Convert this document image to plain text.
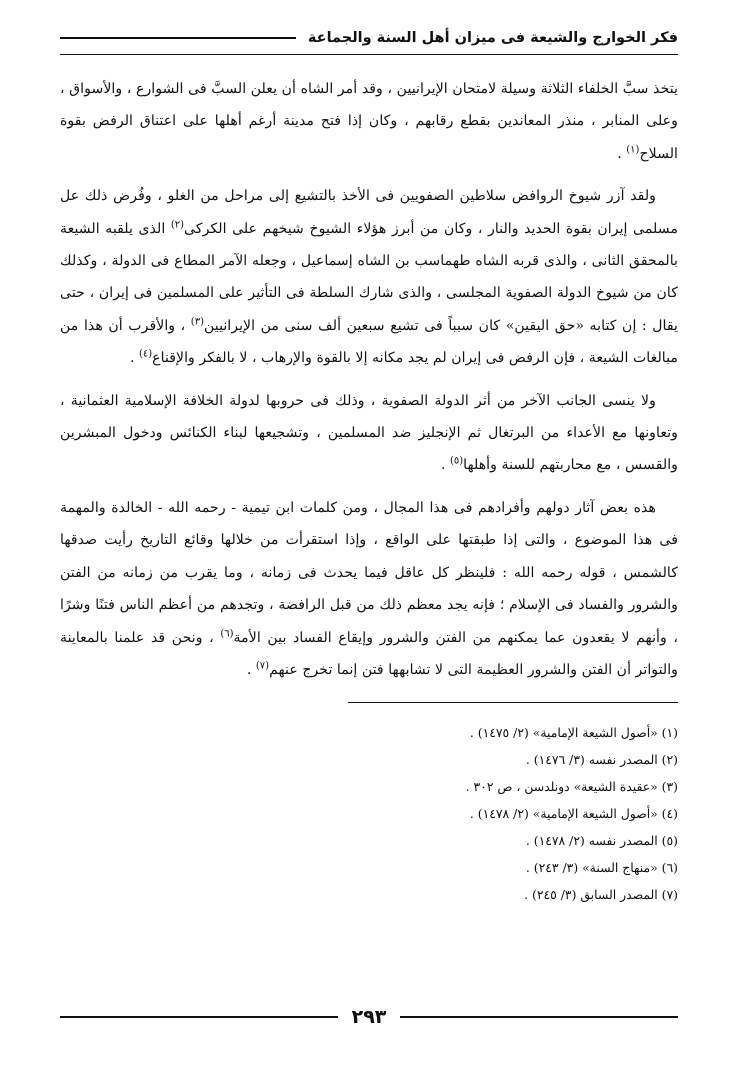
فكر الخوارج والشيعة فى ميزان أهل السنة والجماعة

يتخذ سبَّ الخلفاء الثلاثة وسيلة لامتحان الإيرانيين ، وقد أمر الشاه أن يعلن السبَّ فى الشوارع ، والأسواق ، وعلى المنابر ، منذر المعاندين بقطع رقابهم ، وكان إذا فتح مدينة أرغم أهلها على اعتناق الرفض بقوة السلاح$^{(١)}$ .

ولقد آزر شيوخ الروافض سلاطين الصفويين فى الأخذ بالتشيع إلى مراحل من الغلو ، وفُرض ذلك عل مسلمى إيران بقوة الحديد والنار ، وكان من أبرز هؤلاء الشيوخ شيخهم على الكركى$^{(٢)}$ الذى يلقبه الشيعة بالمحقق الثانى ، والذى قربه الشاه طهماسب بن الشاه إسماعيل ، وجعله الآمر المطاع فى الدولة ، وكذلك كان من شيوخ الدولة الصفوية المجلسى ، والذى شارك السلطة فى التأثير على المسلمين فى إيران ، حتى يقال : إن كتابه «حق اليقين» كان سبباً فى تشيع سبعين ألف سنى من الإيرانيين$^{(٣)}$ ، والأقرب أن هذا من مبالغات الشيعة ، فإن الرفض فى إيران لم يجد مكانه إلا بالقوة والإرهاب ، لا بالفكر والإقناع$^{(٤)}$ .

ولا ينسى الجانب الآخر من أثر الدولة الصفوية ، وذلك فى حروبها لدولة الخلافة الإسلامية العثمانية ، وتعاونها مع الأعداء من البرتغال ثم الإنجليز ضد المسلمين ، وتشجيعها لبناء الكنائس ودخول المبشرين والقسس ، مع محاربتهم للسنة وأهلها$^{(٥)}$ .

هذه بعض آثار دولهم وأفرادهم فى هذا المجال ، ومن كلمات ابن تيمية - رحمه الله - الخالدة والمهمة فى هذا الموضوع ، والتى إذا طبقتها على الواقع ، وإذا استقرأت من خلالها وقائع التاريخ رأيت صدقها كالشمس ، قوله رحمه الله : فلينظر كل عاقل فيما يحدث فى زمانه ، وما يقرب من زمانه من الفتن والشرور والفساد فى الإسلام ؛ فإنه يجد معظم ذلك من قبل الرافضة ، وتجدهم من أعظم الناس فتنًا وشرًا ، وأنهم لا يقعدون عما يمكنهم من الفتن والشرور وإيقاع الفساد بين الأمة$^{(٦)}$ ، ونحن قد علمنا بالمعاينة والتواتر أن الفتن والشرور العظيمة التى لا تشابهها فتن إنما تخرج عنهم$^{(٧)}$ .

(١) «أصول الشيعة الإمامية» (٢/ ١٤٧٥) .
(٢) المصدر نفسه (٣/ ١٤٧٦) .
(٣) «عقيدة الشيعة» دونلدسن ، ص ٣٠٢ .
(٤) «أصول الشيعة الإمامية» (٢/ ١٤٧٨) .
(٥) المصدر نفسه (٢/ ١٤٧٨) .
(٦) «منهاج السنة» (٣/ ٢٤٣) .
(٧) المصدر السابق (٣/ ٢٤٥) .
٢٩٣
